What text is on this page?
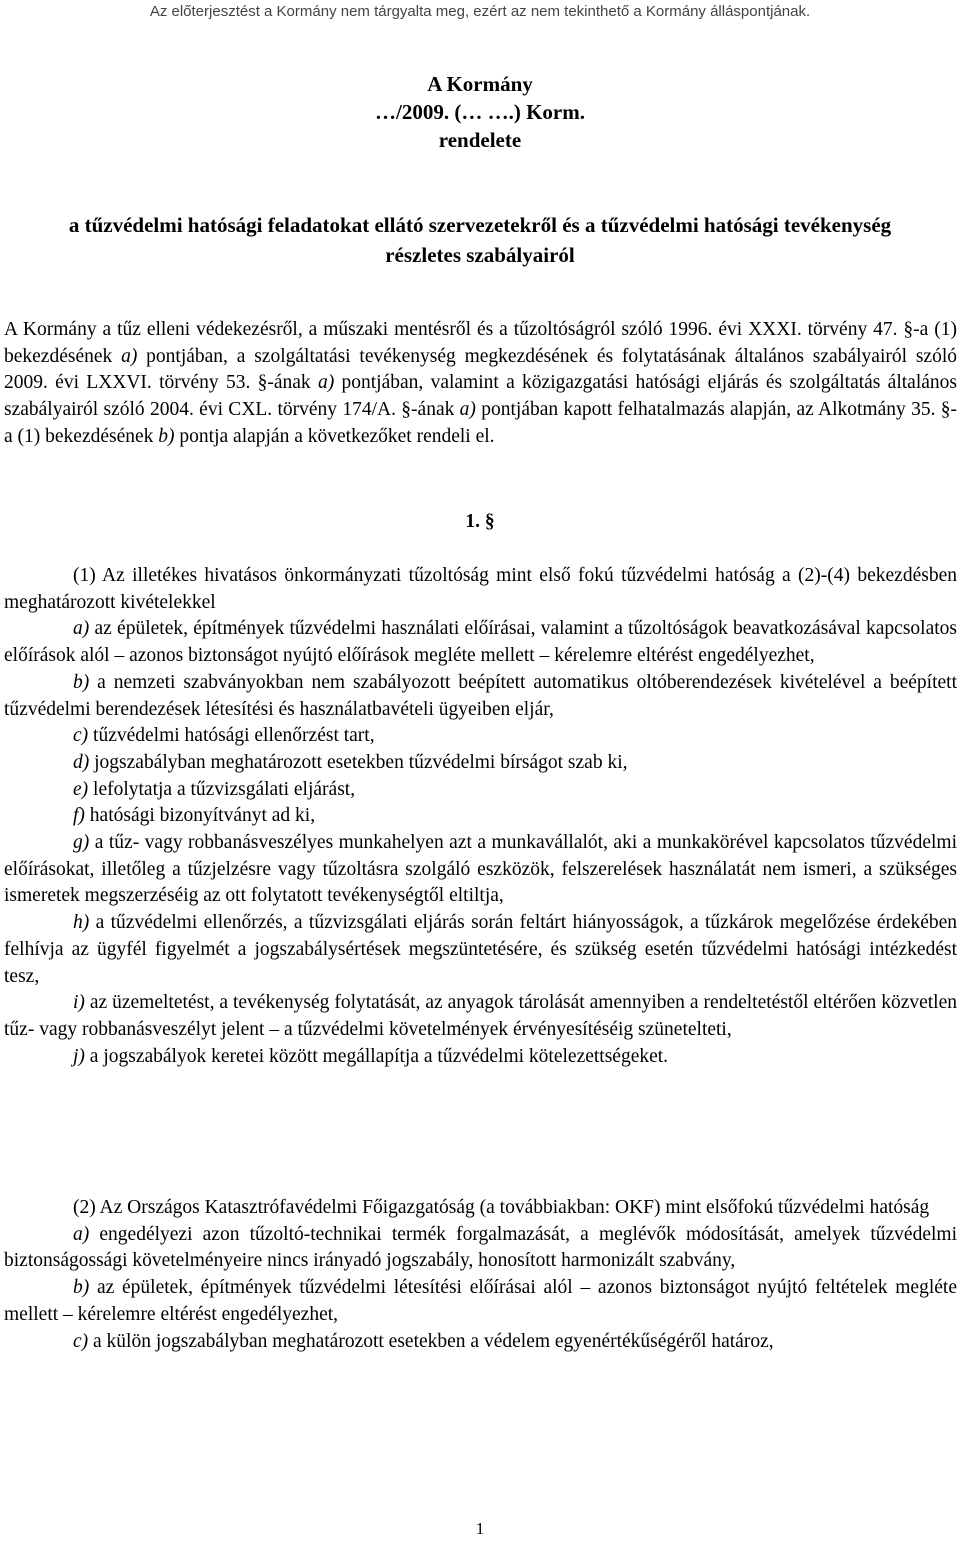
Az előterjesztést a Kormány nem tárgyalta meg, ezért az nem tekinthető a Kormány álláspontjának.
A Kormány
…/2009. (… ….) Korm.
rendelete
a tűzvédelmi hatósági feladatokat ellátó szervezetekről és a tűzvédelmi hatósági tevékenység részletes szabályairól

A Kormány a tűz elleni védekezésről, a műszaki mentésről és a tűzoltóságról szóló 1996. évi XXXI. törvény 47. §-a (1) bekezdésének a) pontjában, a szolgáltatási tevékenység megkezdésének és folytatásának általános szabályairól szóló 2009. évi LXXVI. törvény 53. §-ának a) pontjában, valamint a közigazgatási hatósági eljárás és szolgáltatás általános szabályairól szóló 2004. évi CXL. törvény 174/A. §-ának a) pontjában kapott felhatalmazás alapján, az Alkotmány 35. §-a (1) bekezdésének b) pontja alapján a következőket rendeli el.

1. §

(1) Az illetékes hivatásos önkormányzati tűzoltóság mint első fokú tűzvédelmi hatóság a (2)-(4) bekezdésben meghatározott kivételekkel

a) az épületek, építmények tűzvédelmi használati előírásai, valamint a tűzoltóságok beavatkozásával kapcsolatos előírások alól – azonos biztonságot nyújtó előírások megléte mellett – kérelemre eltérést engedélyezhet,

b) a nemzeti szabványokban nem szabályozott beépített automatikus oltóberendezések kivételével a beépített tűzvédelmi berendezések létesítési és használatbavételi ügyeiben eljár,

c) tűzvédelmi hatósági ellenőrzést tart,

d) jogszabályban meghatározott esetekben tűzvédelmi bírságot szab ki,

e) lefolytatja a tűzvizsgálati eljárást,

f) hatósági bizonyítványt ad ki,

g) a tűz- vagy robbanásveszélyes munkahelyen azt a munkavállalót, aki a munkakörével kapcsolatos tűzvédelmi előírásokat, illetőleg a tűzjelzésre vagy tűzoltásra szolgáló eszközök, felszerelések használatát nem ismeri, a szükséges ismeretek megszerzéséig az ott folytatott tevékenységtől eltiltja,

h) a tűzvédelmi ellenőrzés, a tűzvizsgálati eljárás során feltárt hiányosságok, a tűzkárok megelőzése érdekében felhívja az ügyfél figyelmét a jogszabálysértések megszüntetésére, és szükség esetén tűzvédelmi hatósági intézkedést tesz,

i) az üzemeltetést, a tevékenység folytatását, az anyagok tárolását amennyiben a rendeltetéstől eltérően közvetlen tűz- vagy robbanásveszélyt jelent – a tűzvédelmi követelmények érvényesítéséig szünetelteti,

j) a jogszabályok keretei között megállapítja a tűzvédelmi kötelezettségeket.

(2) Az Országos Katasztrófavédelmi Főigazgatóság (a továbbiakban: OKF) mint elsőfokú tűzvédelmi hatóság

a) engedélyezi azon tűzoltó-technikai termék forgalmazását, a meglévők módosítását, amelyek tűzvédelmi biztonságossági követelményeire nincs irányadó jogszabály, honosított harmonizált szabvány,

b) az épületek, építmények tűzvédelmi létesítési előírásai alól – azonos biztonságot nyújtó feltételek megléte mellett – kérelemre eltérést engedélyezhet,

c) a külön jogszabályban meghatározott esetekben a védelem egyenértékűségéről határoz,

1
